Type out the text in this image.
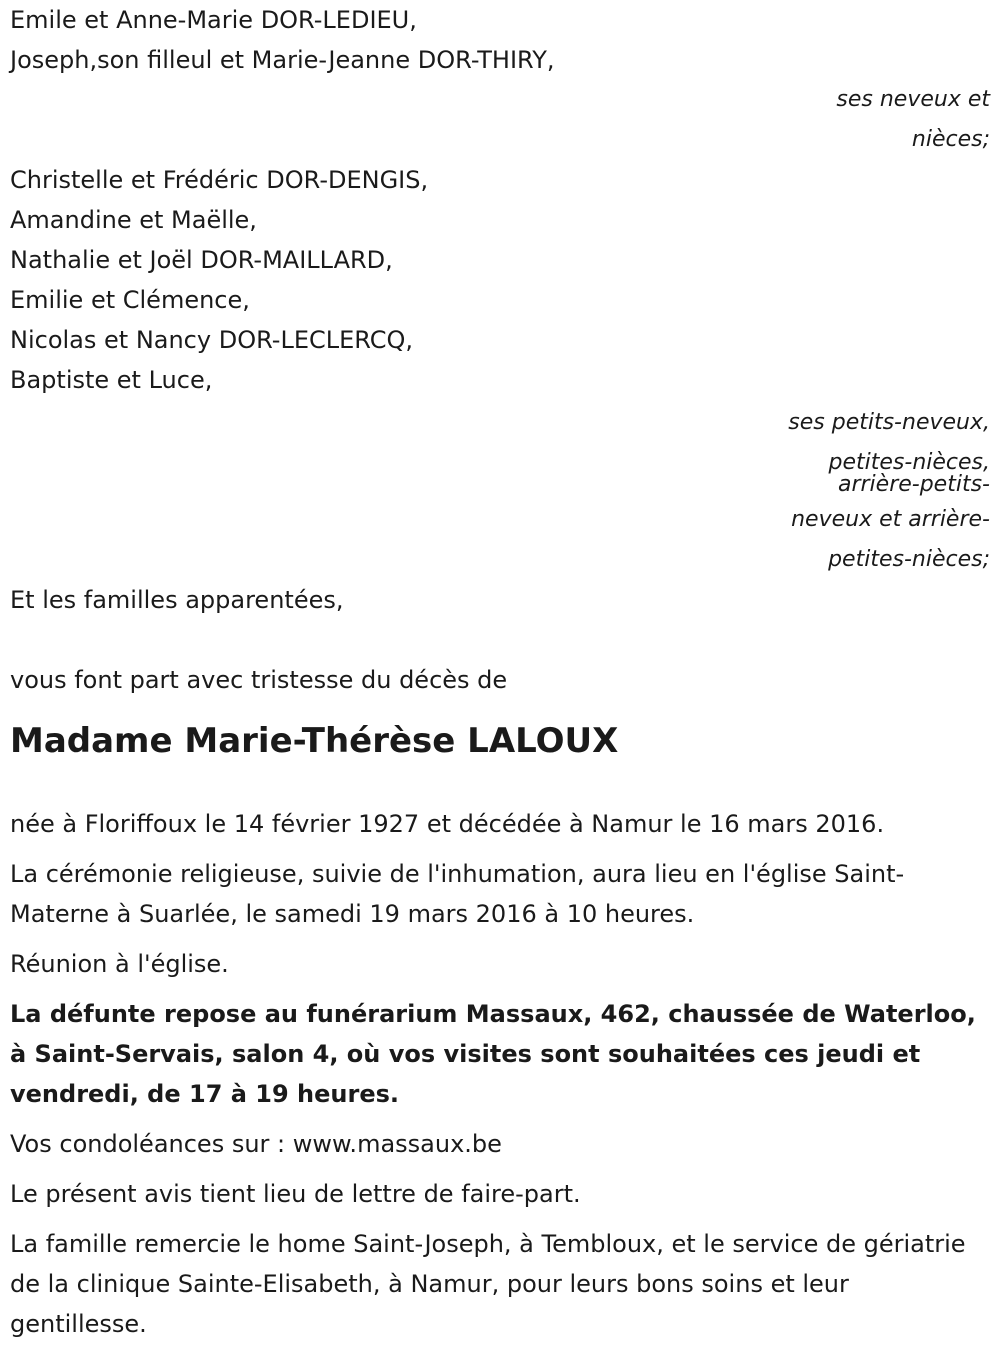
Emile et Anne-Marie DOR-LEDIEU,
Joseph,son filleul et Marie-Jeanne DOR-THIRY,
ses neveux et
nièces;
Christelle et Frédéric DOR-DENGIS,
Amandine et Maëlle,
Nathalie et Joël DOR-MAILLARD,
Emilie et Clémence,
Nicolas et Nancy DOR-LECLERCQ,
Baptiste et Luce,
ses petits-neveux,
petites-nièces,
arrière-petits-
neveux et arrière-
petites-nièces;
Et les familles apparentées,
vous font part avec tristesse du décès de
Madame Marie-Thérèse LALOUX
née à Floriffoux le 14 février 1927 et décédée à Namur le 16 mars 2016.
La cérémonie religieuse, suivie de l'inhumation, aura lieu en l'église Saint-Materne à Suarlée, le samedi 19 mars 2016 à 10 heures.
Réunion à l'église.
La défunte repose au funérarium Massaux, 462, chaussée de Waterloo, à Saint-Servais, salon 4, où vos visites sont souhaitées ces jeudi et vendredi, de 17 à 19 heures.
Vos condoléances sur : www.massaux.be
Le présent avis tient lieu de lettre de faire-part.
La famille remercie le home Saint-Joseph, à Tembloux, et le service de gériatrie de la clinique Sainte-Elisabeth, à Namur, pour leurs bons soins et leur gentillesse.
